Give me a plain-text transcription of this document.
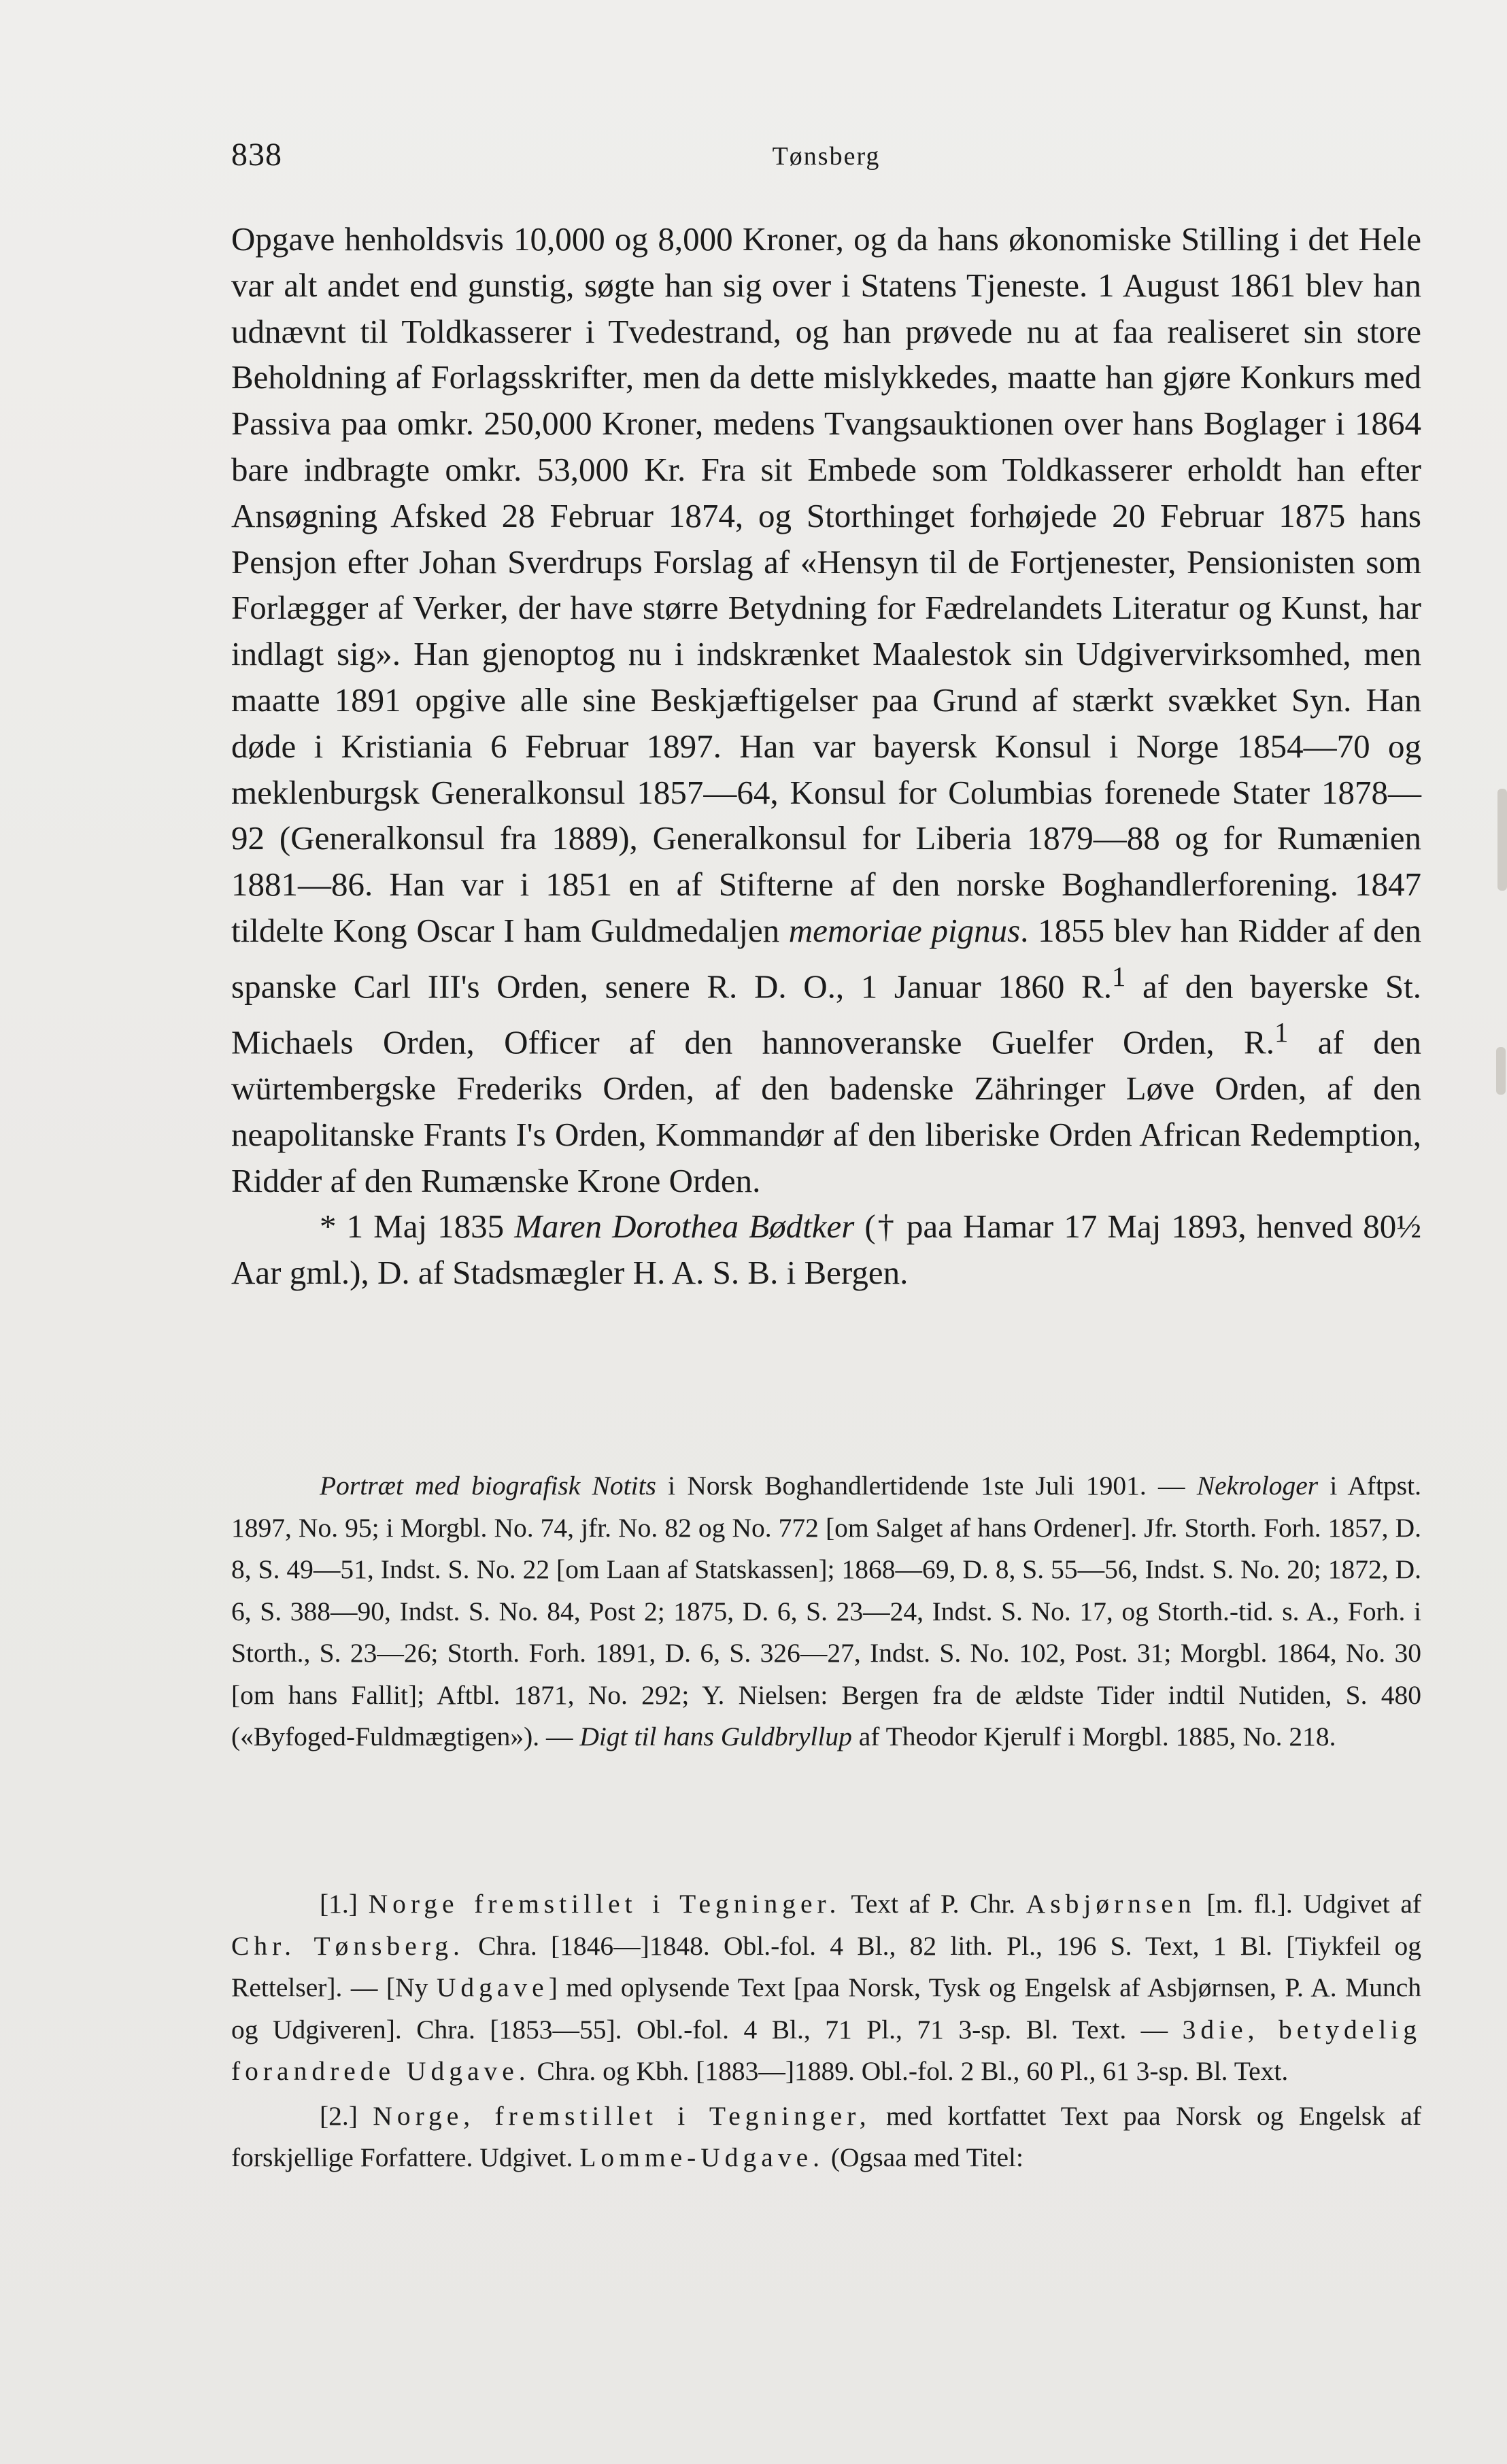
838	Tønsberg

Opgave henholdsvis 10,000 og 8,000 Kroner, og da hans økonomiske Stilling i det Hele var alt andet end gunstig, søgte han sig over i Statens Tjeneste. 1 August 1861 blev han udnævnt til Toldkasserer i Tvedestrand, og han prøvede nu at faa realiseret sin store Beholdning af Forlagsskrifter, men da dette mislykkedes, maatte han gjøre Konkurs med Passiva paa omkr. 250,000 Kroner, medens Tvangsauktionen over hans Boglager i 1864 bare indbragte omkr. 53,000 Kr. Fra sit Embede som Toldkasserer erholdt han efter Ansøgning Afsked 28 Februar 1874, og Storthinget forhøjede 20 Februar 1875 hans Pensjon efter Johan Sverdrups Forslag af «Hensyn til de Fortjenester, Pensionisten som Forlægger af Verker, der have større Betydning for Fædrelandets Literatur og Kunst, har indlagt sig». Han gjenoptog nu i indskrænket Maalestok sin Udgivervirksomhed, men maatte 1891 opgive alle sine Beskjæftigelser paa Grund af stærkt svækket Syn. Han døde i Kristiania 6 Februar 1897. Han var bayersk Konsul i Norge 1854—70 og meklenburgsk Generalkonsul 1857—64, Konsul for Columbias forenede Stater 1878—92 (Generalkonsul fra 1889), Generalkonsul for Liberia 1879—88 og for Rumænien 1881—86. Han var i 1851 en af Stifterne af den norske Boghandlerforening. 1847 tildelte Kong Oscar I ham Guldmedaljen memoriae pignus. 1855 blev han Ridder af den spanske Carl III's Orden, senere R. D. O., 1 Januar 1860 R.$^1$ af den bayerske St. Michaels Orden, Officer af den hannoveranske Guelfer Orden, R.$^1$ af den würtembergske Frederiks Orden, af den badenske Zähringer Løve Orden, af den neapolitanske Frants I's Orden, Kommandør af den liberiske Orden African Redemption, Ridder af den Rumænske Krone Orden.

* 1 Maj 1835 Maren Dorothea Bødtker († paa Hamar 17 Maj 1893, henved 80½ Aar gml.), D. af Stadsmægler H. A. S. B. i Bergen.

Portræt med biografisk Notits i Norsk Boghandlertidende 1ste Juli 1901. — Nekrologer i Aftpst. 1897, No. 95; i Morgbl. No. 74, jfr. No. 82 og No. 772 [om Salget af hans Ordener]. Jfr. Storth. Forh. 1857, D. 8, S. 49—51, Indst. S. No. 22 [om Laan af Statskassen]; 1868—69, D. 8, S. 55—56, Indst. S. No. 20; 1872, D. 6, S. 388—90, Indst. S. No. 84, Post 2; 1875, D. 6, S. 23—24, Indst. S. No. 17, og Storth.-tid. s. A., Forh. i Storth., S. 23—26; Storth. Forh. 1891, D. 6, S. 326—27, Indst. S. No. 102, Post. 31; Morgbl. 1864, No. 30 [om hans Fallit]; Aftbl. 1871, No. 292; Y. Nielsen: Bergen fra de ældste Tider indtil Nutiden, S. 480 («Byfoged-Fuldmægtigen»). — Digt til hans Guldbryllup af Theodor Kjerulf i Morgbl. 1885, No. 218.

[1.] Norge fremstillet i Tegninger. Text af P. Chr. Asbjørnsen [m. fl.]. Udgivet af Chr. Tønsberg. Chra. [1846—]1848. Obl.-fol. 4 Bl., 82 lith. Pl., 196 S. Text, 1 Bl. [Tiykfeil og Rettelser]. — [Ny Udgave] med oplysende Text [paa Norsk, Tysk og Engelsk af Asbjørnsen, P. A. Munch og Udgiveren]. Chra. [1853—55]. Obl.-fol. 4 Bl., 71 Pl., 71 3-sp. Bl. Text. — 3die, betydelig forandrede Udgave. Chra. og Kbh. [1883—]1889. Obl.-fol. 2 Bl., 60 Pl., 61 3-sp. Bl. Text.

[2.] Norge, fremstillet i Tegninger, med kortfattet Text paa Norsk og Engelsk af forskjellige Forfattere. Udgivet. Lomme-Udgave. (Ogsaa med Titel:
